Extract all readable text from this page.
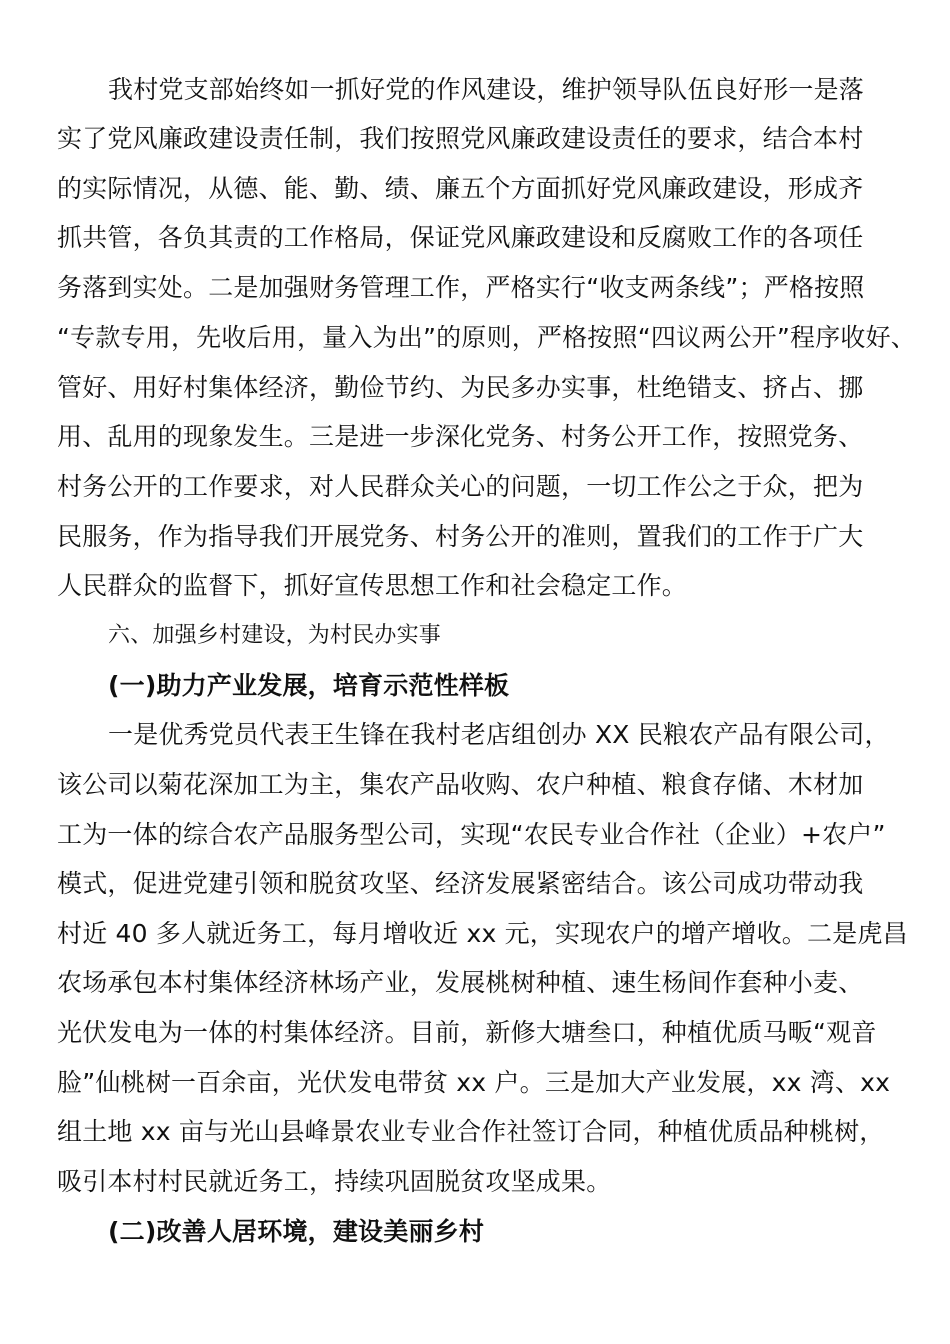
我村党支部始终如一抓好党的作风建设，维护领导队伍良好形一是落
实了党风廉政建设责任制，我们按照党风廉政建设责任的要求，结合本村
的实际情况，从德、能、勤、绩、廉五个方面抓好党风廉政建设，形成齐
抓共管，各负其责的工作格局，保证党风廉政建设和反腐败工作的各项任
务落到实处。二是加强财务管理工作，严格实行“收支两条线”；严格按照
“专款专用，先收后用，量入为出”的原则，严格按照“四议两公开”程序收好、
管好、用好村集体经济，勤俭节约、为民多办实事，杜绝错支、挤占、挪
用、乱用的现象发生。三是进一步深化党务、村务公开工作，按照党务、
村务公开的工作要求，对人民群众关心的问题，一切工作公之于众，把为
民服务，作为指导我们开展党务、村务公开的准则，置我们的工作于广大
人民群众的监督下，抓好宣传思想工作和社会稳定工作。
六、加强乡村建设，为村民办实事
(一)助力产业发展，培育示范性样板
一是优秀党员代表王生锋在我村老店组创办 XX 民粮农产品有限公司，
该公司以菊花深加工为主，集农产品收购、农户种植、粮食存储、木材加
工为一体的综合农产品服务型公司，实现“农民专业合作社（企业）+农户”
模式，促进党建引领和脱贫攻坚、经济发展紧密结合。该公司成功带动我
村近 40 多人就近务工，每月增收近 xx 元，实现农户的增产增收。二是虎昌
农场承包本村集体经济林场产业，发展桃树种植、速生杨间作套种小麦、
光伏发电为一体的村集体经济。目前，新修大塘叁口，种植优质马畈“观音
脸”仙桃树一百余亩，光伏发电带贫 xx 户。三是加大产业发展，xx 湾、xx
组土地 xx 亩与光山县峰景农业专业合作社签订合同，种植优质品种桃树，
吸引本村村民就近务工，持续巩固脱贫攻坚成果。
(二)改善人居环境，建设美丽乡村
